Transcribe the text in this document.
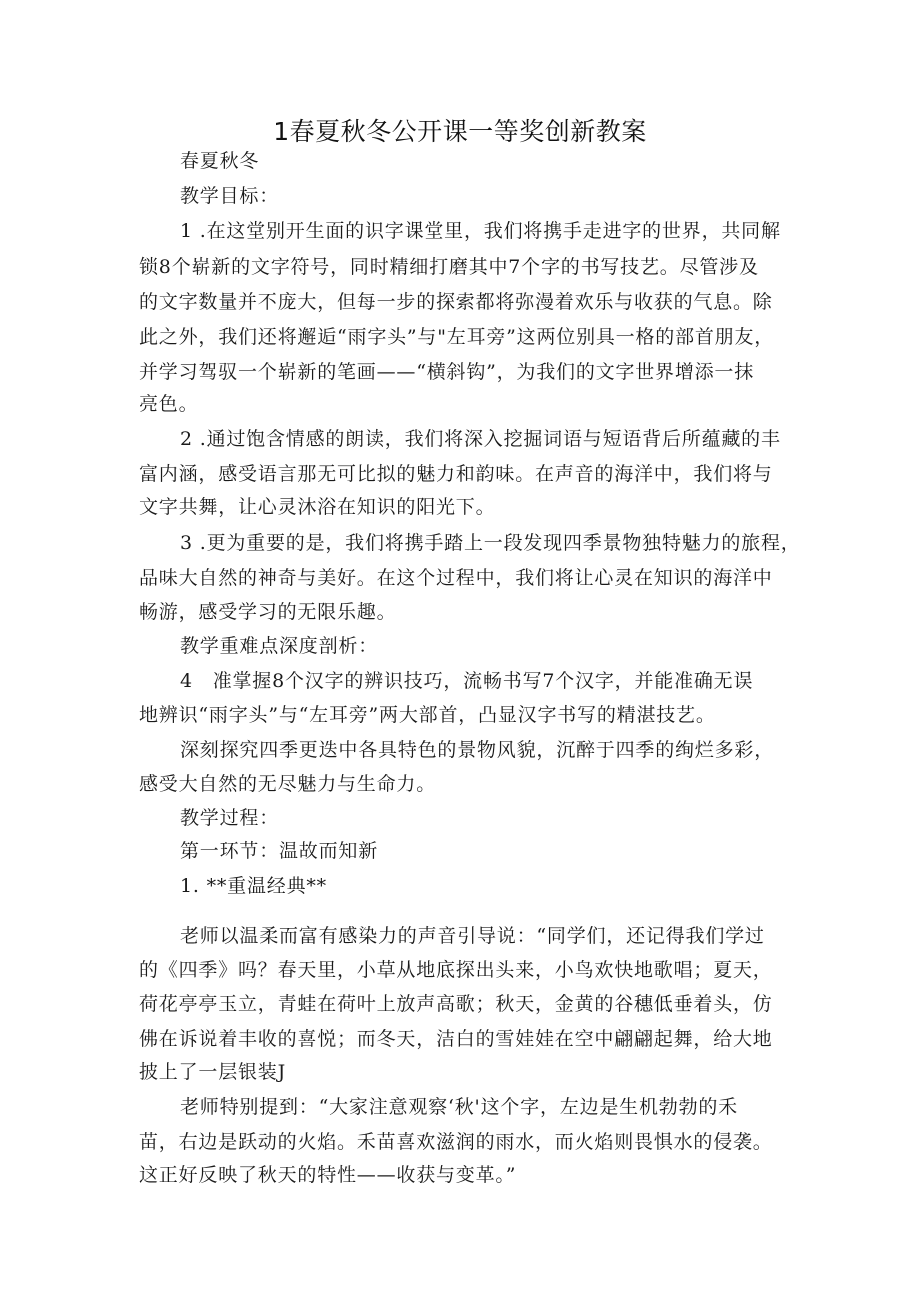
1春夏秋冬公开课一等奖创新教案
春夏秋冬
教学目标：
1 .在这堂别开生面的识字课堂里，我们将携手走进字的世界，共同解
锁8个崭新的文字符号，同时精细打磨其中7个字的书写技艺。尽管涉及
的文字数量并不庞大，但每一步的探索都将弥漫着欢乐与收获的气息。除
此之外，我们还将邂逅“雨字头”与"左耳旁”这两位别具一格的部首朋友，
并学习驾驭一个崭新的笔画——“横斜钩”，为我们的文字世界增添一抹
亮色。
2 .通过饱含情感的朗读，我们将深入挖掘词语与短语背后所蕴藏的丰
富内涵，感受语言那无可比拟的魅力和韵味。在声音的海洋中，我们将与
文字共舞，让心灵沐浴在知识的阳光下。
3 .更为重要的是，我们将携手踏上一段发现四季景物独特魅力的旅程，
品味大自然的神奇与美好。在这个过程中，我们将让心灵在知识的海洋中
畅游，感受学习的无限乐趣。
教学重难点深度剖析：
4　准掌握8个汉字的辨识技巧，流畅书写7个汉字，并能准确无误
地辨识“雨字头”与“左耳旁”两大部首，凸显汉字书写的精湛技艺。
深刻探究四季更迭中各具特色的景物风貌，沉醉于四季的绚烂多彩，
感受大自然的无尽魅力与生命力。
教学过程：
第一环节：温故而知新
1. **重温经典**
老师以温柔而富有感染力的声音引导说：“同学们，还记得我们学过
的《四季》吗？春天里，小草从地底探出头来，小鸟欢快地歌唱；夏天，
荷花亭亭玉立，青蛙在荷叶上放声高歌；秋天，金黄的谷穗低垂着头，仿
佛在诉说着丰收的喜悦；而冬天，洁白的雪娃娃在空中翩翩起舞，给大地
披上了一层银装J
老师特别提到：“大家注意观察‘秋'这个字，左边是生机勃勃的禾
苗，右边是跃动的火焰。禾苗喜欢滋润的雨水，而火焰则畏惧水的侵袭。
这正好反映了秋天的特性——收获与变革。”
